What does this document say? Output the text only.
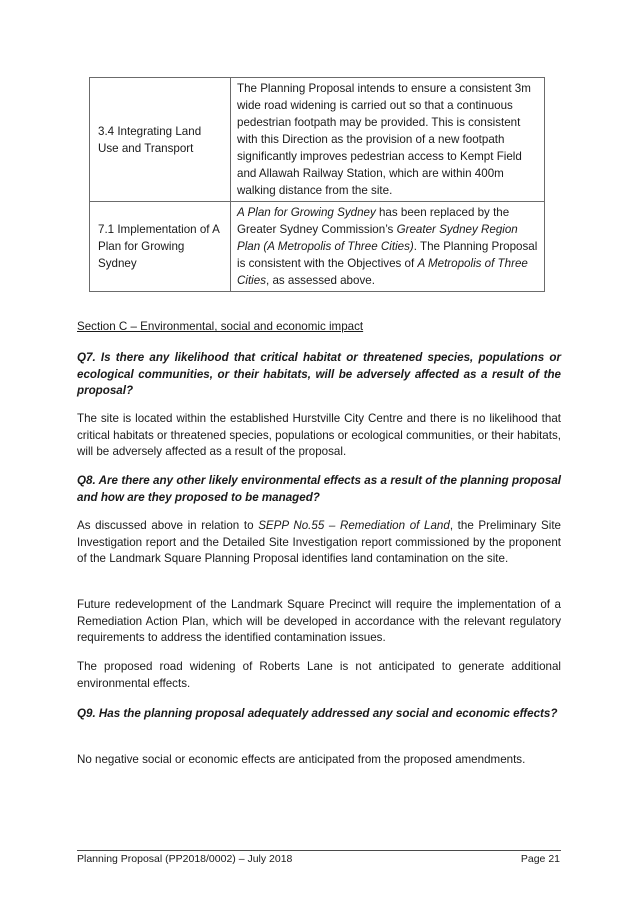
3.4 Integrating Land Use and Transport	The Planning Proposal intends to ensure a consistent 3m wide road widening is carried out so that a continuous pedestrian footpath may be provided. This is consistent with this Direction as the provision of a new footpath significantly improves pedestrian access to Kempt Field and Allawah Railway Station, which are within 400m walking distance from the site.
7.1 Implementation of A Plan for Growing Sydney	A Plan for Growing Sydney has been replaced by the Greater Sydney Commission’s Greater Sydney Region Plan (A Metropolis of Three Cities). The Planning Proposal is consistent with the Objectives of A Metropolis of Three Cities, as assessed above.

Section C – Environmental, social and economic impact

Q7. Is there any likelihood that critical habitat or threatened species, populations or ecological communities, or their habitats, will be adversely affected as a result of the proposal?

The site is located within the established Hurstville City Centre and there is no likelihood that critical habitats or threatened species, populations or ecological communities, or their habitats, will be adversely affected as a result of the proposal.

Q8. Are there any other likely environmental effects as a result of the planning proposal and how are they proposed to be managed?

As discussed above in relation to SEPP No.55 – Remediation of Land, the Preliminary Site Investigation report and the Detailed Site Investigation report commissioned by the proponent of the Landmark Square Planning Proposal identifies land contamination on the site.

Future redevelopment of the Landmark Square Precinct will require the implementation of a Remediation Action Plan, which will be developed in accordance with the relevant regulatory requirements to address the identified contamination issues.

The proposed road widening of Roberts Lane is not anticipated to generate additional environmental effects.

Q9. Has the planning proposal adequately addressed any social and economic effects?

No negative social or economic effects are anticipated from the proposed amendments.

Planning Proposal (PP2018/0002) – July 2018	Page 21
